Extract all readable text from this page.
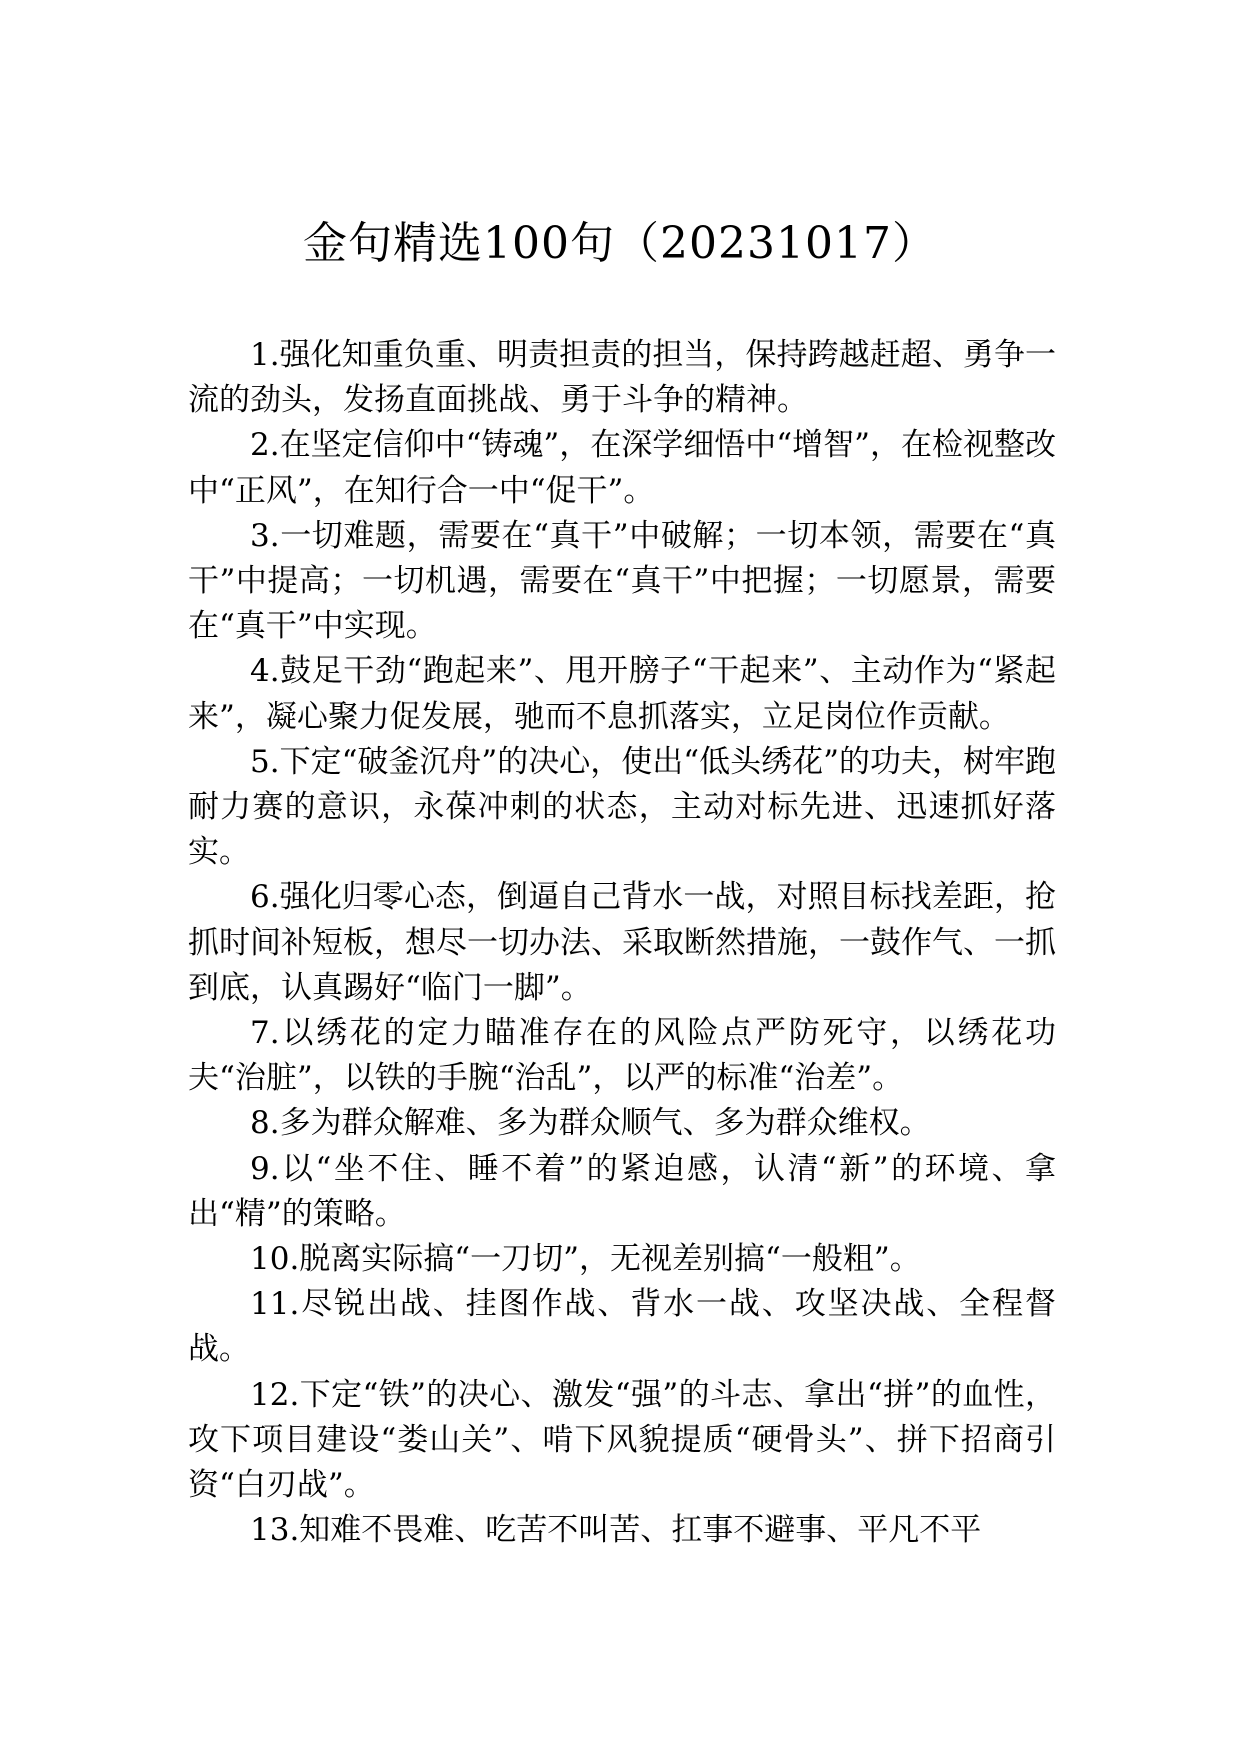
金句精选100句（20231017）

1.强化知重负重、明责担责的担当，保持跨越赶超、勇争一流的劲头，发扬直面挑战、勇于斗争的精神。

2.在坚定信仰中“铸魂”，在深学细悟中“增智”，在检视整改中“正风”，在知行合一中“促干”。

3.一切难题，需要在“真干”中破解；一切本领，需要在“真干”中提高；一切机遇，需要在“真干”中把握；一切愿景，需要在“真干”中实现。

4.鼓足干劲“跑起来”、甩开膀子“干起来”、主动作为“紧起来”，凝心聚力促发展，驰而不息抓落实，立足岗位作贡献。

5.下定“破釜沉舟”的决心，使出“低头绣花”的功夫，树牢跑耐力赛的意识，永葆冲刺的状态，主动对标先进、迅速抓好落实。

6.强化归零心态，倒逼自己背水一战，对照目标找差距，抢抓时间补短板，想尽一切办法、采取断然措施，一鼓作气、一抓到底，认真踢好“临门一脚”。

7.以绣花的定力瞄准存在的风险点严防死守，以绣花功夫“治脏”，以铁的手腕“治乱”，以严的标准“治差”。

8.多为群众解难、多为群众顺气、多为群众维权。

9.以“坐不住、睡不着”的紧迫感，认清“新”的环境、拿出“精”的策略。

10.脱离实际搞“一刀切”，无视差别搞“一般粗”。

11.尽锐出战、挂图作战、背水一战、攻坚决战、全程督战。

12.下定“铁”的决心、激发“强”的斗志、拿出“拼”的血性，攻下项目建设“娄山关”、啃下风貌提质“硬骨头”、拼下招商引资“白刃战”。

13.知难不畏难、吃苦不叫苦、扛事不避事、平凡不平
